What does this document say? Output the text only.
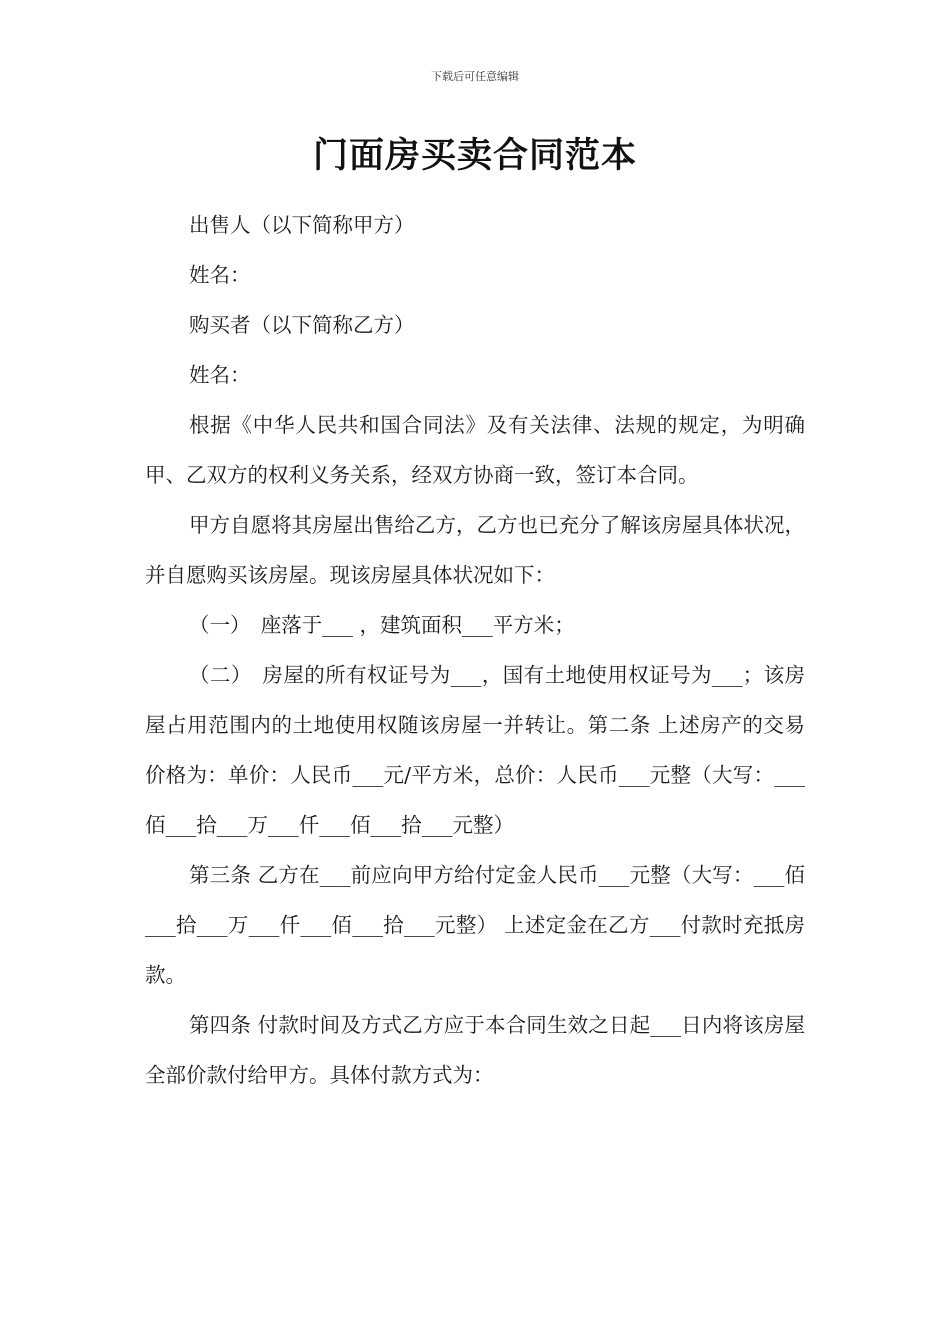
下载后可任意编辑
门面房买卖合同范本

出售人（以下简称甲方）

姓名：

购买者（以下简称乙方）

姓名：

根据《中华人民共和国合同法》及有关法律、法规的规定，为明确甲、乙双方的权利义务关系，经双方协商一致，签订本合同。

甲方自愿将其房屋出售给乙方，乙方也已充分了解该房屋具体状况，并自愿购买该房屋。现该房屋具体状况如下：

（一）　座落于___ ，建筑面积___平方米；

（二）　房屋的所有权证号为___，国有土地使用权证号为___；该房屋占用范围内的土地使用权随该房屋一并转让。第二条 上述房产的交易价格为：单价：人民币___元/平方米，总价：人民币___元整（大写：___佰___拾___万___仟___佰___拾___元整）

第三条 乙方在___前应向甲方给付定金人民币___元整（大写：___佰___拾___万___仟___佰___拾___元整） 上述定金在乙方___付款时充抵房款。

第四条 付款时间及方式乙方应于本合同生效之日起___日内将该房屋全部价款付给甲方。具体付款方式为：
